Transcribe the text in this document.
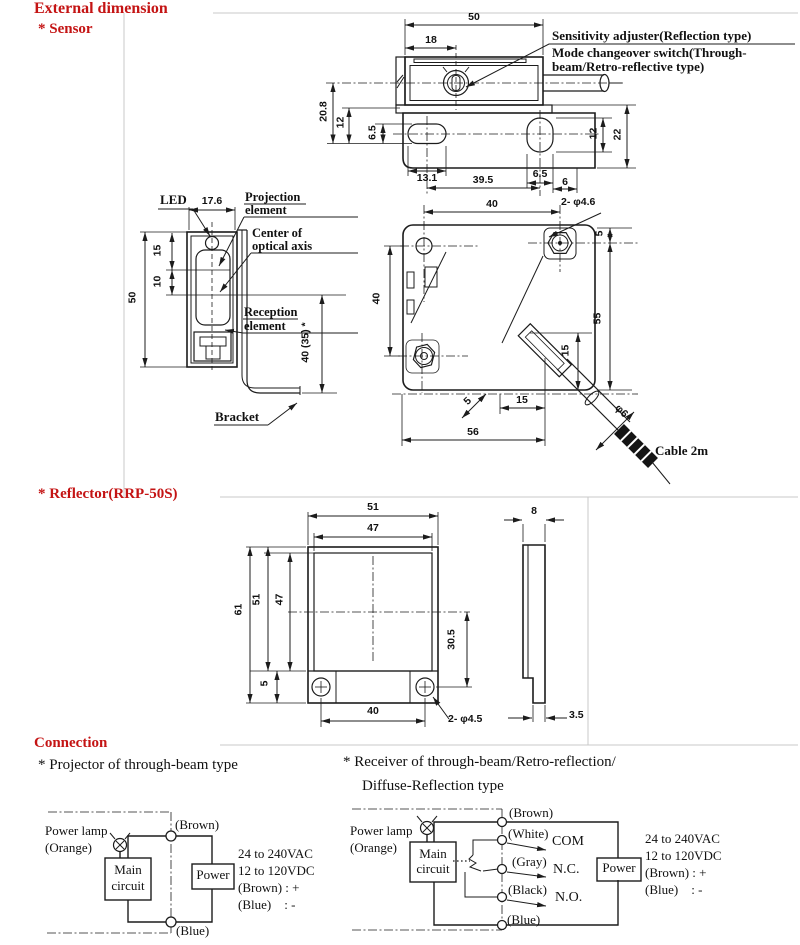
External dimension
* Sensor
* Reflector(RRP-50S)
Connection
* Projector of through-beam type	* Receiver of through-beam/Retro-reflection/
Diffuse-Reflection type
50
18	Sensitivity adjuster(Reflection type)
Mode changeover switch(Through-
beam/Retro-reflective type)
20.8
12
6.5
13.1	39.5	6.5
6
12 22
LED	17.6	Projection
element
Center of
optical axis
Reception
element
Bracket
15
10
50
40 (35) *
40	2- φ4.6
5
55
40
15
15
5
56
φ6
Cable 2m
51
47
61
51 47
30.5
5
40
2- φ4.5
8
3.5
Power lamp
(Orange)
(Brown)
(Blue)
Main
circuit
Power
24 to 240VAC
12 to 120VDC
(Brown) : +
(Blue)    : -
Power lamp
(Orange)
(Brown)
(White)
(Gray)
(Black)
(Blue)
COM
N.C.
N.O.
Main
circuit	Power
24 to 240VAC
12 to 120VDC
(Brown) : +
(Blue)    : -
